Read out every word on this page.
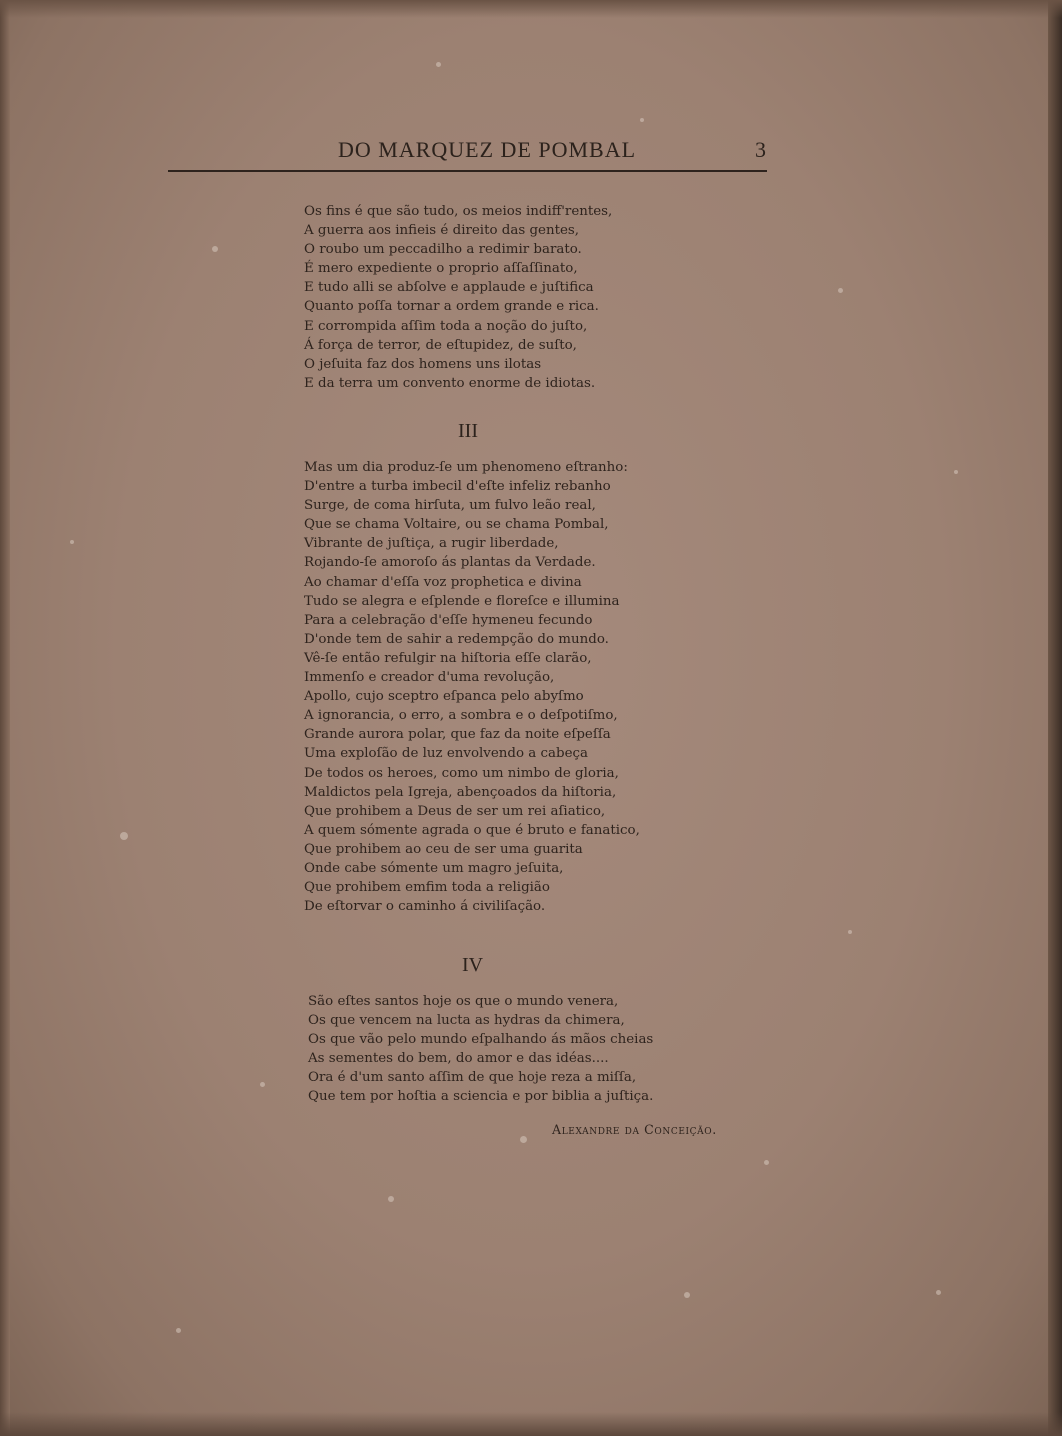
DO MARQUEZ DE POMBAL	3
Os fins é que são tudo, os meios indiff'rentes,
A guerra aos infieis é direito das gentes,
O roubo um peccadilho a redimir barato.
É mero expediente o proprio aſſaſſinato,
E tudo alli se abſolve e applaude e juſtifica
Quanto poſſa tornar a ordem grande e rica.
E corrompida aſſim toda a noção do juſto,
Á força de terror, de eſtupidez, de suſto,
O jeſuita faz dos homens uns ilotas
E da terra um convento enorme de idiotas.
III
Mas um dia produz-ſe um phenomeno eſtranho:
D'entre a turba imbecil d'eſte infeliz rebanho
Surge, de coma hirſuta, um fulvo leão real,
Que se chama Voltaire, ou se chama Pombal,
Vibrante de juſtiça, a rugir liberdade,
Rojando-ſe amoroſo ás plantas da Verdade.
Ao chamar d'eſſa voz prophetica e divina
Tudo se alegra e eſplende e floreſce e illumina
Para a celebração d'eſſe hymeneu fecundo
D'onde tem de sahir a redempção do mundo.
Vê-ſe então refulgir na hiſtoria eſſe clarão,
Immenſo e creador d'uma revolução,
Apollo, cujo sceptro eſpanca pelo abyſmo
A ignorancia, o erro, a sombra e o deſpotiſmo,
Grande aurora polar, que faz da noite eſpeſſa
Uma exploſão de luz envolvendo a cabeça
De todos os heroes, como um nimbo de gloria,
Maldictos pela Igreja, abençoados da hiſtoria,
Que prohibem a Deus de ser um rei aſiatico,
A quem sómente agrada o que é bruto e fanatico,
Que prohibem ao ceu de ser uma guarita
Onde cabe sómente um magro jeſuita,
Que prohibem emfim toda a religião
De eſtorvar o caminho á civiliſação.
IV
São eſtes santos hoje os que o mundo venera,
Os que vencem na lucta as hydras da chimera,
Os que vão pelo mundo eſpalhando ás mãos cheias
As sementes do bem, do amor e das idéas....
Ora é d'um santo aſſim de que hoje reza a miſſa,
Que tem por hoſtia a sciencia e por biblia a juſtiça.
Alexandre da Conceição.
